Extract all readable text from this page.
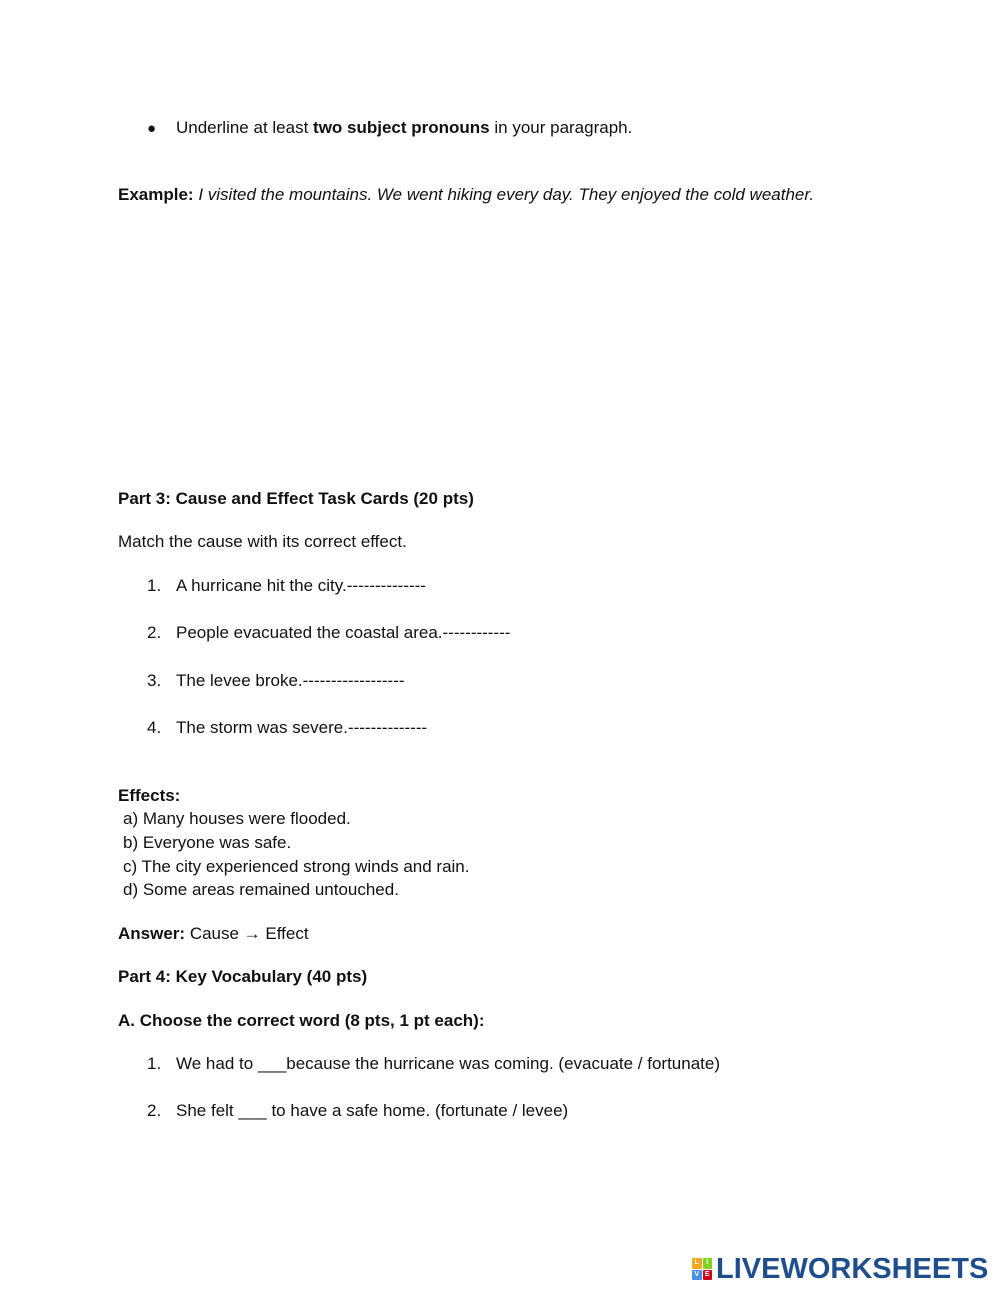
● Underline at least two subject pronouns in your paragraph.
Example: I visited the mountains. We went hiking every day. They enjoyed the cold weather.
Part 3: Cause and Effect Task Cards (20 pts)
Match the cause with its correct effect.
1. A hurricane hit the city.--------------
2. People evacuated the coastal area.------------
3. The levee broke.------------------
4. The storm was severe.--------------
Effects:
a) Many houses were flooded.
b) Everyone was safe.
c) The city experienced strong winds and rain.
d) Some areas remained untouched.
Answer: Cause → Effect
Part 4: Key Vocabulary (40 pts)
A. Choose the correct word (8 pts, 1 pt each):
1. We had to ___because the hurricane was coming. (evacuate / fortunate)
2. She felt ___ to have a safe home. (fortunate / levee)
L	I
V E LIVEWORKSHEETS
